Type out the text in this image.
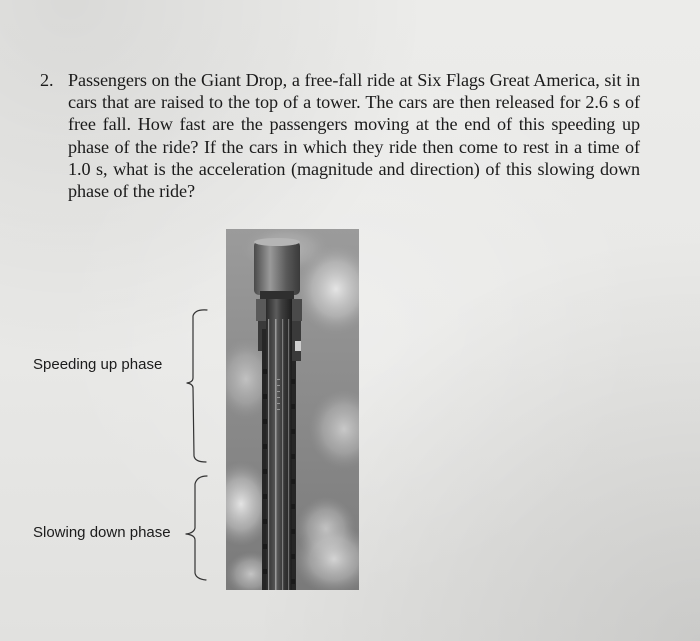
2. Passengers on the Giant Drop, a free-fall ride at Six Flags Great America, sit in cars that are raised to the top of a tower. The cars are then released for 2.6 s of free fall. How fast are the passengers moving at the end of this speeding up phase of the ride? If the cars in which they ride then come to rest in a time of 1.0 s, what is the acceleration (magnitude and direction) of this slowing down phase of the ride?
Speeding up phase
Slowing down phase
